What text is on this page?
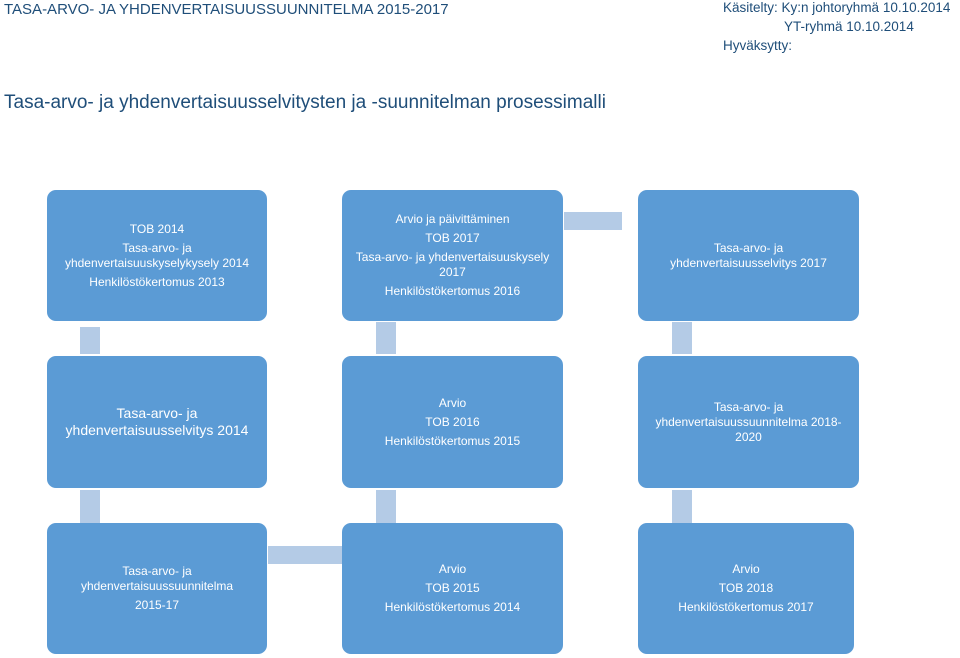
TASA-ARVO- JA YHDENVERTAISUUSSUUNNITELMA 2015-2017	Käsitelty: Ky:n johtoryhmä 10.10.2014
YT-ryhmä 10.10.2014
Hyväksytty:
Tasa-arvo- ja yhdenvertaisuusselvitysten ja -suunnitelman prosessimalli
TOB 2014
Tasa-arvo- ja
yhdenvertaisuuskyselykysely 2014
Henkilöstökertomus 2013
Arvio ja päivittäminen
TOB 2017
Tasa-arvo- ja yhdenvertaisuuskysely
2017
Henkilöstökertomus 2016
Tasa-arvo- ja
yhdenvertaisuusselvitys 2017
Tasa-arvo- ja
yhdenvertaisuusselvitys 2014
Arvio
TOB 2016
Henkilöstökertomus 2015
Tasa-arvo- ja
yhdenvertaisuussuunnitelma 2018-
2020
Tasa-arvo- ja
yhdenvertaisuussuunnitelma
2015-17
Arvio
TOB 2015
Henkilöstökertomus 2014
Arvio
TOB 2018
Henkilöstökertomus 2017
